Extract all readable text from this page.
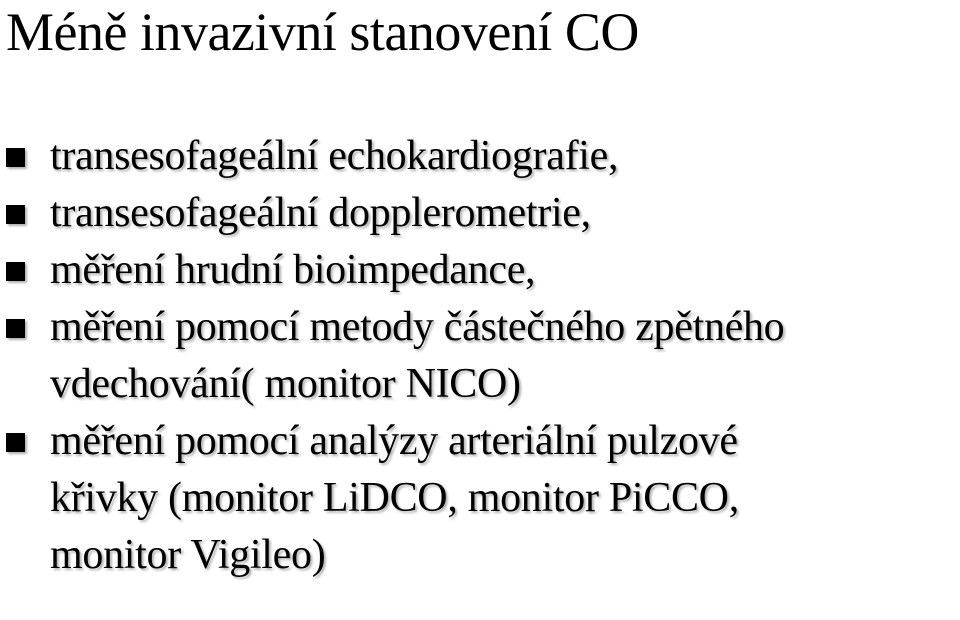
Méně invazivní stanovení CO
transesofageální echokardiografie,
transesofageální dopplerometrie,
měření hrudní bioimpedance,
měření pomocí metody částečného zpětného
vdechování( monitor NICO)
měření pomocí analýzy arteriální pulzové
křivky (monitor LiDCO, monitor PiCCO,
monitor Vigileo)
